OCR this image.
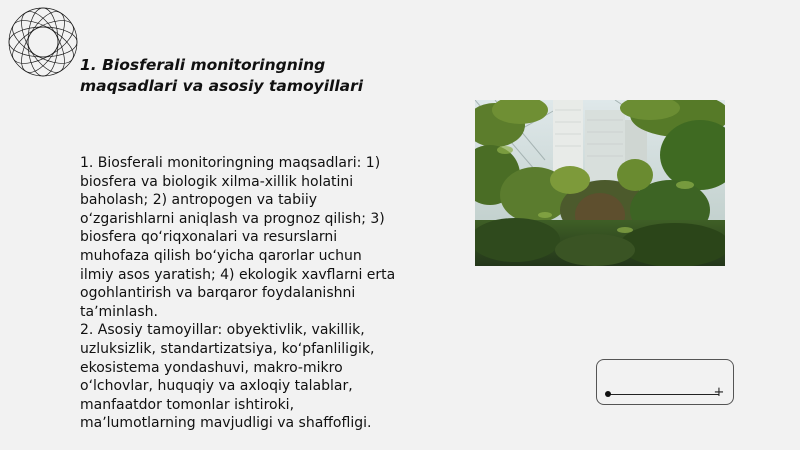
1. Biosferali monitoringning
maqsadlari va asosiy tamoyillari
1. Biosferali monitoringning maqsadlari: 1)
biosfera va biologik xilma-xillik holatini
baholash; 2) antropogen va tabiiy
oʻzgarishlarni aniqlash va prognoz qilish; 3)
biosfera qoʻriqxonalari va resurslarni
muhofaza qilish boʻyicha qarorlar uchun
ilmiy asos yaratish; 4) ekologik xavflarni erta
ogohlantirish va barqaror foydalanishni
taʼminlash.
2. Asosiy tamoyillar: obyektivlik, vakillik,
uzluksizlik, standartizatsiya, koʻpfanliligik,
ekosistema yondashuvi, makro-mikro
oʻlchovlar, huquqiy va axloqiy talablar,
manfaatdor tomonlar ishtiroki,
maʼlumotlarning mavjudligi va shaffofligi.
+
